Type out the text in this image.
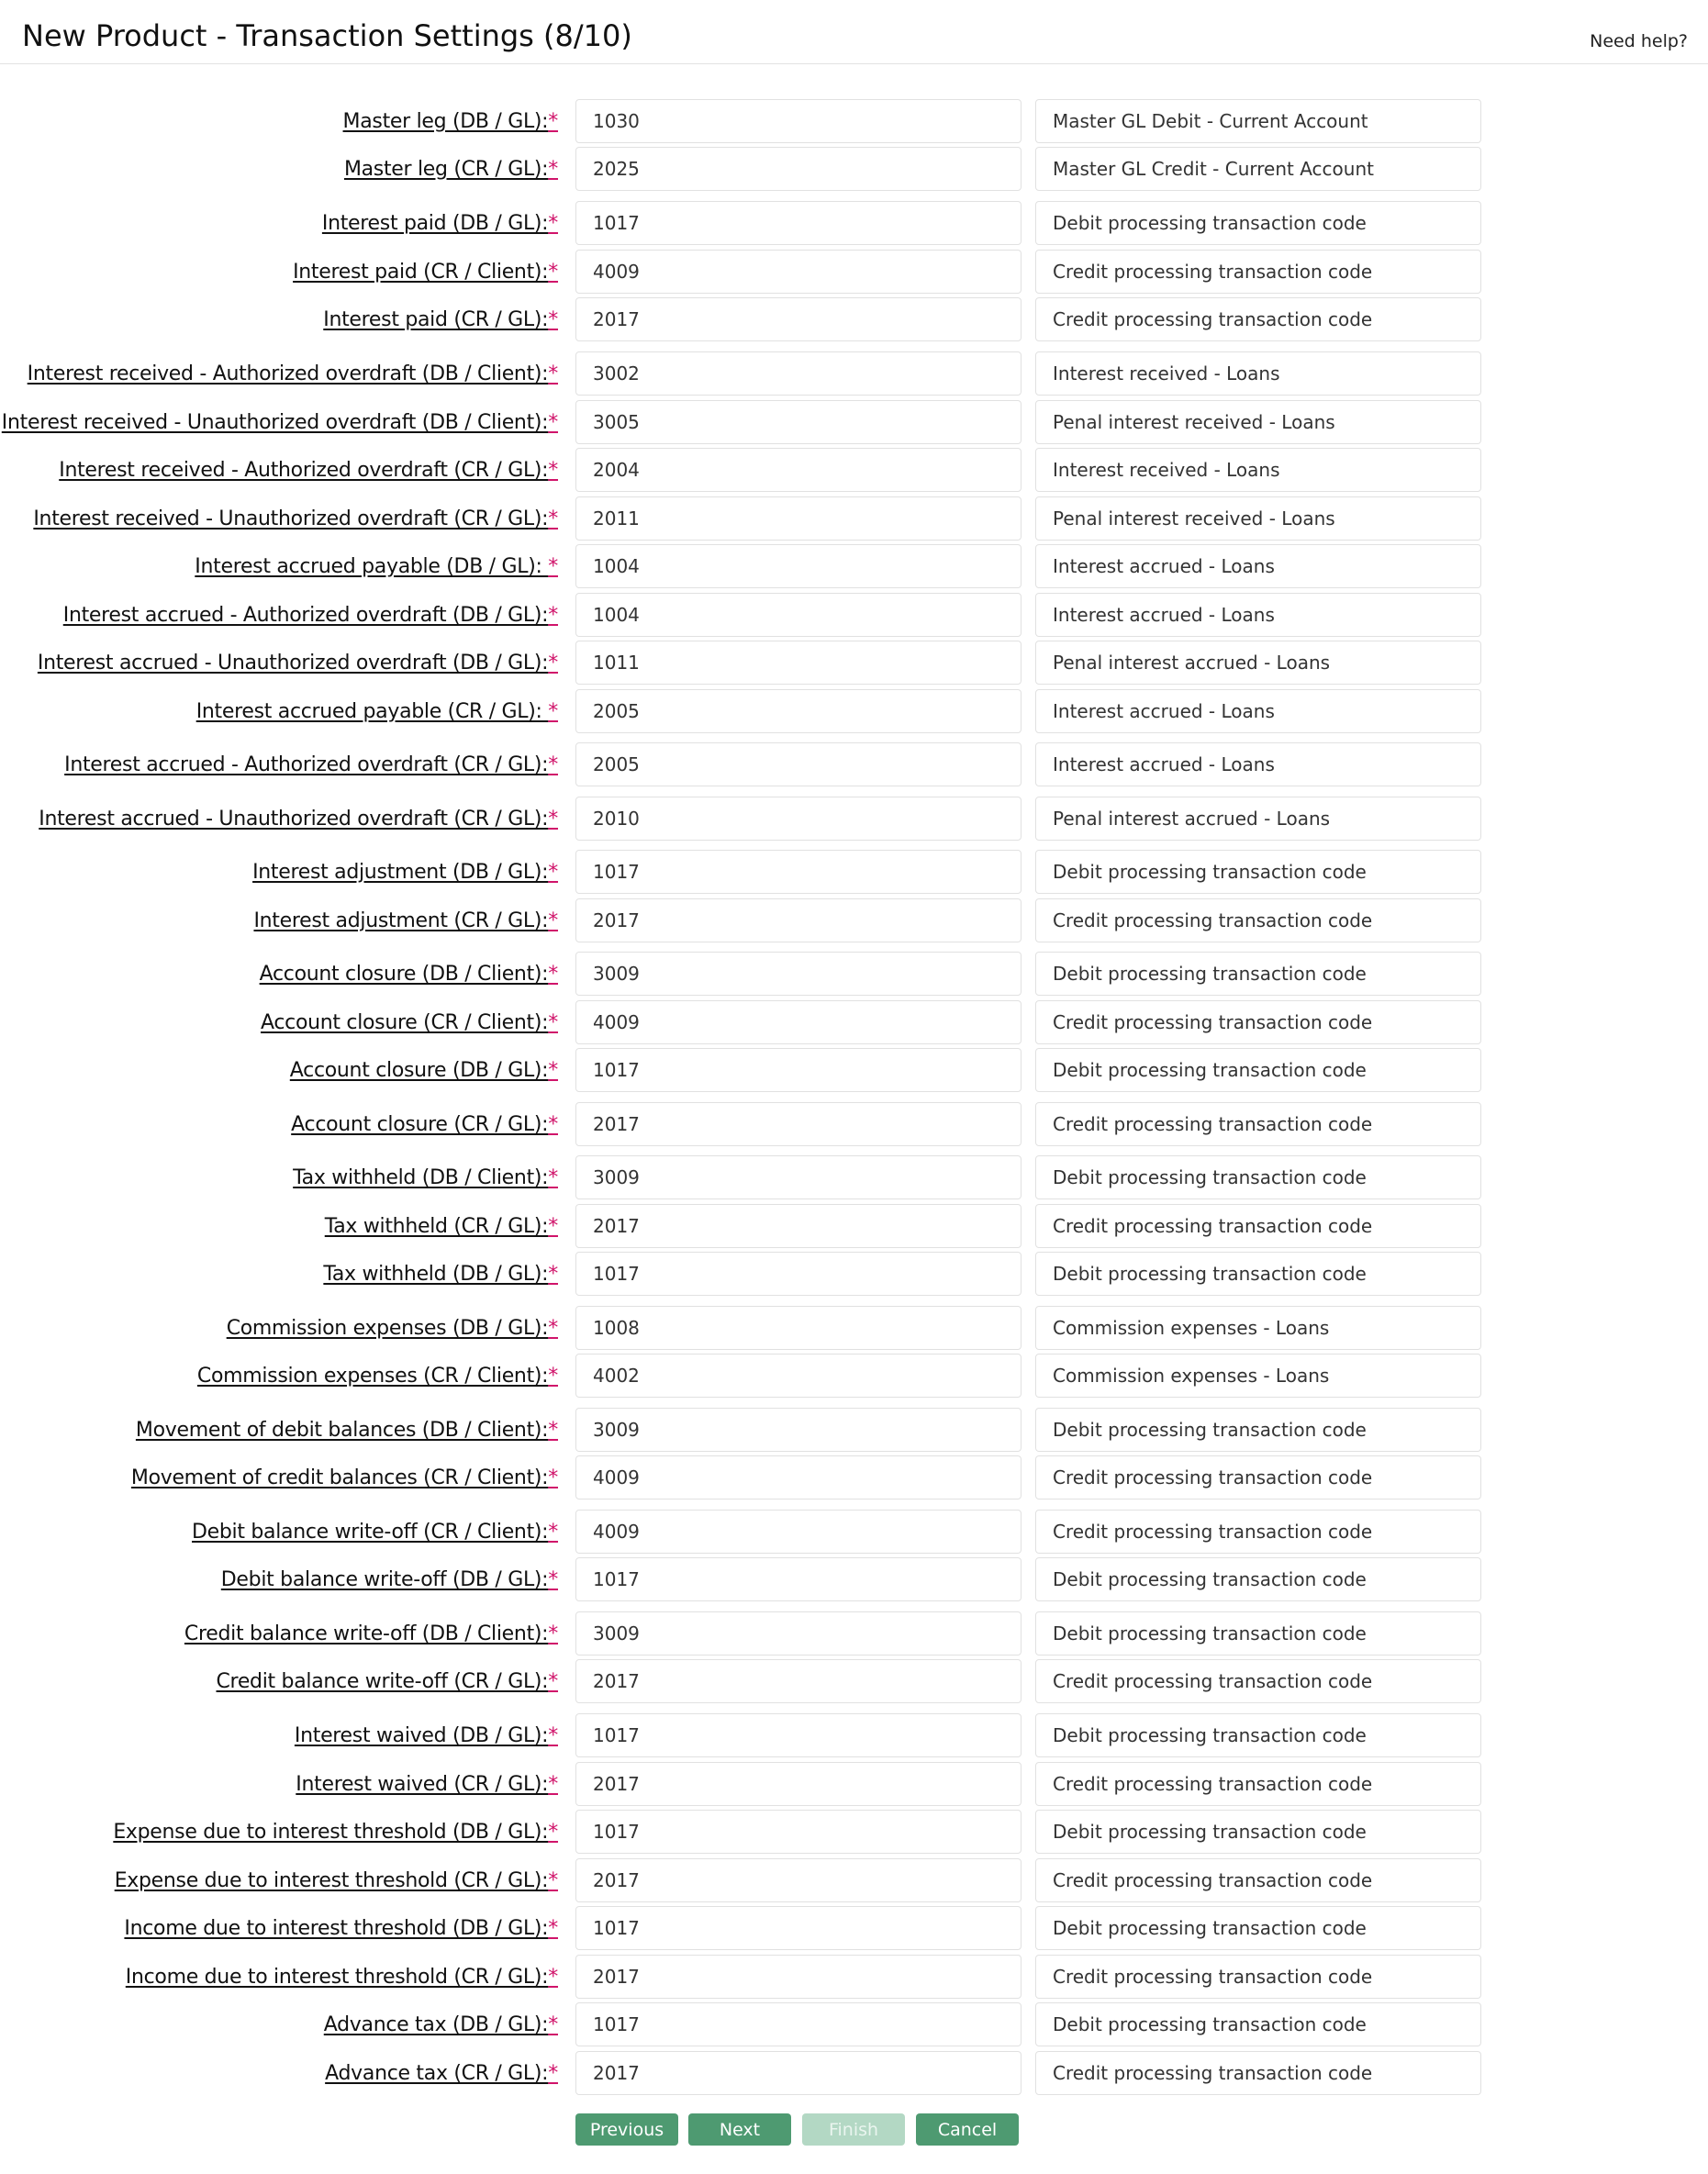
New Product - Transaction Settings (8/10)	Need help?
Master leg (DB / GL):*
1030	Master GL Debit - Current Account
Master leg (CR / GL):*
2025	Master GL Credit - Current Account
Interest paid (DB / GL):*
1017	Debit processing transaction code
Interest paid (CR / Client):*
4009	Credit processing transaction code
Interest paid (CR / GL):*
2017	Credit processing transaction code
Interest received - Authorized overdraft (DB / Client):*
3002	Interest received - Loans
Interest received - Unauthorized overdraft (DB / Client):*
3005	Penal interest received - Loans
Interest received - Authorized overdraft (CR / GL):*
2004	Interest received - Loans
Interest received - Unauthorized overdraft (CR / GL):*
2011	Penal interest received - Loans
Interest accrued payable (DB / GL): *
1004	Interest accrued - Loans
Interest accrued - Authorized overdraft (DB / GL):*
1004	Interest accrued - Loans
Interest accrued - Unauthorized overdraft (DB / GL):*
1011	Penal interest accrued - Loans
Interest accrued payable (CR / GL): *
2005	Interest accrued - Loans
Interest accrued - Authorized overdraft (CR / GL):*
2005	Interest accrued - Loans
Interest accrued - Unauthorized overdraft (CR / GL):*
2010	Penal interest accrued - Loans
Interest adjustment (DB / GL):*
1017	Debit processing transaction code
Interest adjustment (CR / GL):*
2017	Credit processing transaction code
Account closure (DB / Client):*
3009	Debit processing transaction code
Account closure (CR / Client):*
4009	Credit processing transaction code
Account closure (DB / GL):*
1017	Debit processing transaction code
Account closure (CR / GL):*
2017	Credit processing transaction code
Tax withheld (DB / Client):*
3009	Debit processing transaction code
Tax withheld (CR / GL):*
2017	Credit processing transaction code
Tax withheld (DB / GL):*
1017	Debit processing transaction code
Commission expenses (DB / GL):*
1008	Commission expenses - Loans
Commission expenses (CR / Client):*
4002	Commission expenses - Loans
Movement of debit balances (DB / Client):*
3009	Debit processing transaction code
Movement of credit balances (CR / Client):*
4009	Credit processing transaction code
Debit balance write-off (CR / Client):*
4009	Credit processing transaction code
Debit balance write-off (DB / GL):*
1017	Debit processing transaction code
Credit balance write-off (DB / Client):*
3009	Debit processing transaction code
Credit balance write-off (CR / GL):*
2017	Credit processing transaction code
Interest waived (DB / GL):*
1017	Debit processing transaction code
Interest waived (CR / GL):*
2017	Credit processing transaction code
Expense due to interest threshold (DB / GL):*
1017	Debit processing transaction code
Expense due to interest threshold (CR / GL):*
2017	Credit processing transaction code
Income due to interest threshold (DB / GL):*
1017	Debit processing transaction code
Income due to interest threshold (CR / GL):*
2017	Credit processing transaction code
Advance tax (DB / GL):*
1017	Debit processing transaction code
Advance tax (CR / GL):*
2017	Credit processing transaction code
Previous	Next	Finish	Cancel
